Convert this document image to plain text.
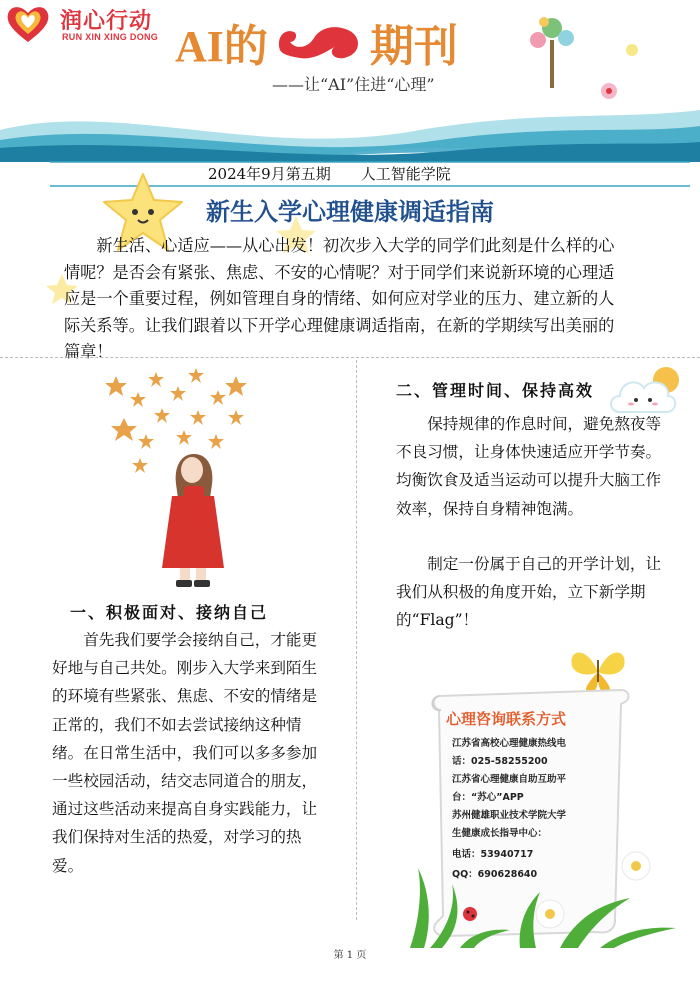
润心行动
RUN XIN XING DONG AI的 期刊
——让“AI”住进“心理”
2024年9月第五期　　人工智能学院
新生入学心理健康调适指南
新生活、心适应——从心出发！初次步入大学的同学们此刻是什么样的心情呢？是否会有紧张、焦虑、不安的心情呢？对于同学们来说新环境的心理适应是一个重要过程，例如管理自身的情绪、如何应对学业的压力、建立新的人际关系等。让我们跟着以下开学心理健康调适指南，在新的学期续写出美丽的篇章！
一、积极面对、接纳自己
首先我们要学会接纳自己，才能更好地与自己共处。刚步入大学来到陌生的环境有些紧张、焦虑、不安的情绪是正常的，我们不如去尝试接纳这种情绪。在日常生活中，我们可以多多参加一些校园活动，结交志同道合的朋友，通过这些活动来提高自身实践能力，让我们保持对生活的热爱，对学习的热爱。
二、管理时间、保持高效
保持规律的作息时间，避免熬夜等不良习惯，让身体快速适应开学节奏。均衡饮食及适当运动可以提升大脑工作效率，保持自身精神饱满。
制定一份属于自己的开学计划，让我们从积极的角度开始，立下新学期的“Flag”！
心理咨询联系方式
江苏省高校心理健康热线电
话：025-58255200
江苏省心理健康自助互助平
台：“苏心”APP
苏州健雄职业技术学院大学
生健康成长指导中心：
电话：53940717
QQ：690628640
第 1 页
